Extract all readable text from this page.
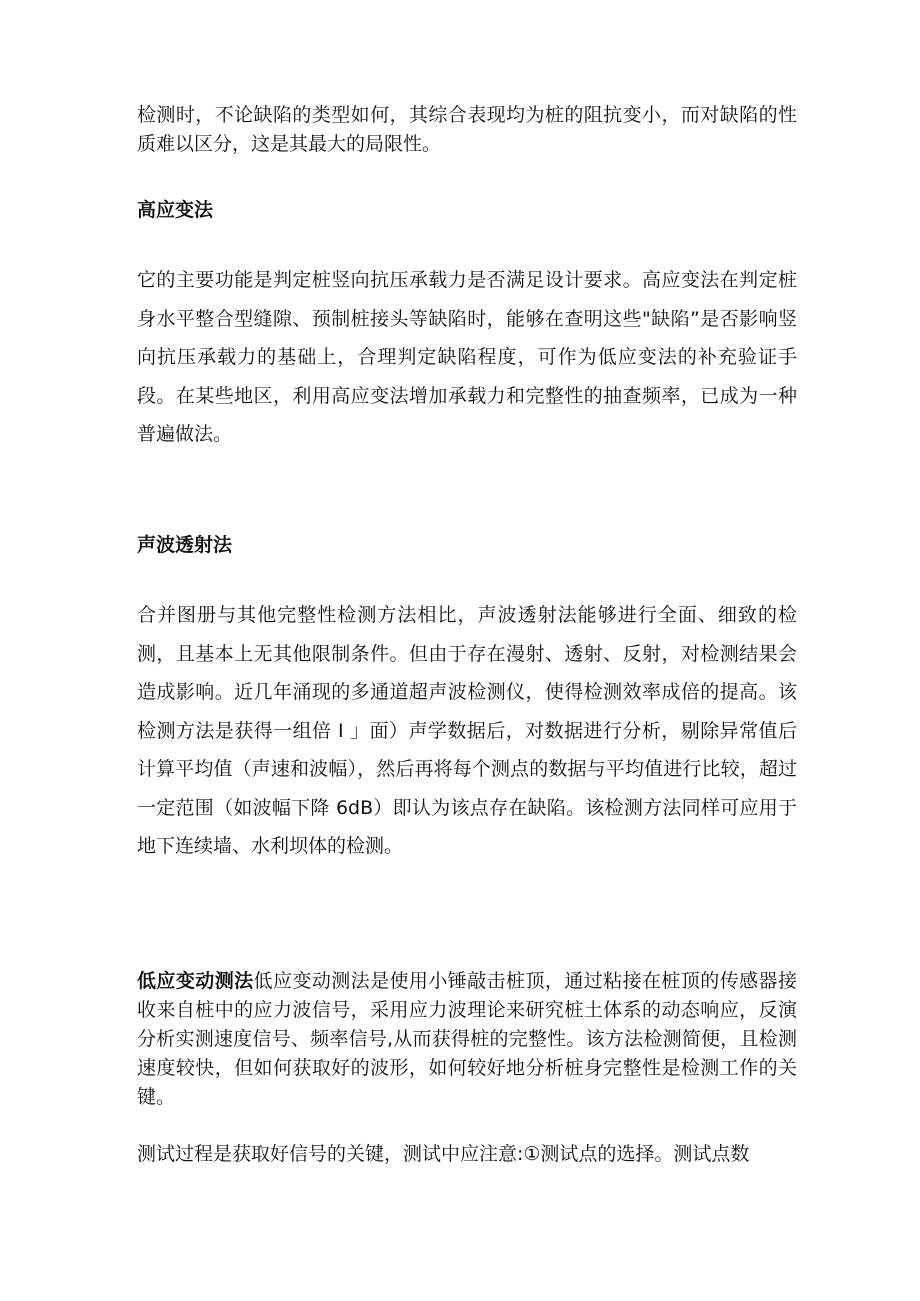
检测时，不论缺陷的类型如何，其综合表现均为桩的阻抗变小，而对缺陷的性质难以区分，这是其最大的局限性。

高应变法

它的主要功能是判定桩竖向抗压承载力是否满足设计要求。高应变法在判定桩身水平整合型缝隙、预制桩接头等缺陷时，能够在查明这些"缺陷”是否影响竖向抗压承载力的基础上，合理判定缺陷程度，可作为低应变法的补充验证手段。在某些地区，利用高应变法增加承载力和完整性的抽查频率，已成为一种普遍做法。

声波透射法

合并图册与其他完整性检测方法相比，声波透射法能够进行全面、细致的检测，且基本上无其他限制条件。但由于存在漫射、透射、反射，对检测结果会造成影响。近几年涌现的多通道超声波检测仪，使得检测效率成倍的提高。该检测方法是获得一组倍 I 」面）声学数据后，对数据进行分析，剔除异常值后计算平均值（声速和波幅），然后再将每个测点的数据与平均值进行比较，超过一定范围（如波幅下降 6dB）即认为该点存在缺陷。该检测方法同样可应用于地下连续墙、水利坝体的检测。

低应变动测法低应变动测法是使用小锤敲击桩顶，通过粘接在桩顶的传感器接收来自桩中的应力波信号，采用应力波理论来研究桩土体系的动态响应，反演分析实测速度信号、频率信号,从而获得桩的完整性。该方法检测简便，且检测速度较快，但如何获取好的波形，如何较好地分析桩身完整性是检测工作的关键。

测试过程是获取好信号的关键，测试中应注意:①测试点的选择。测试点数
